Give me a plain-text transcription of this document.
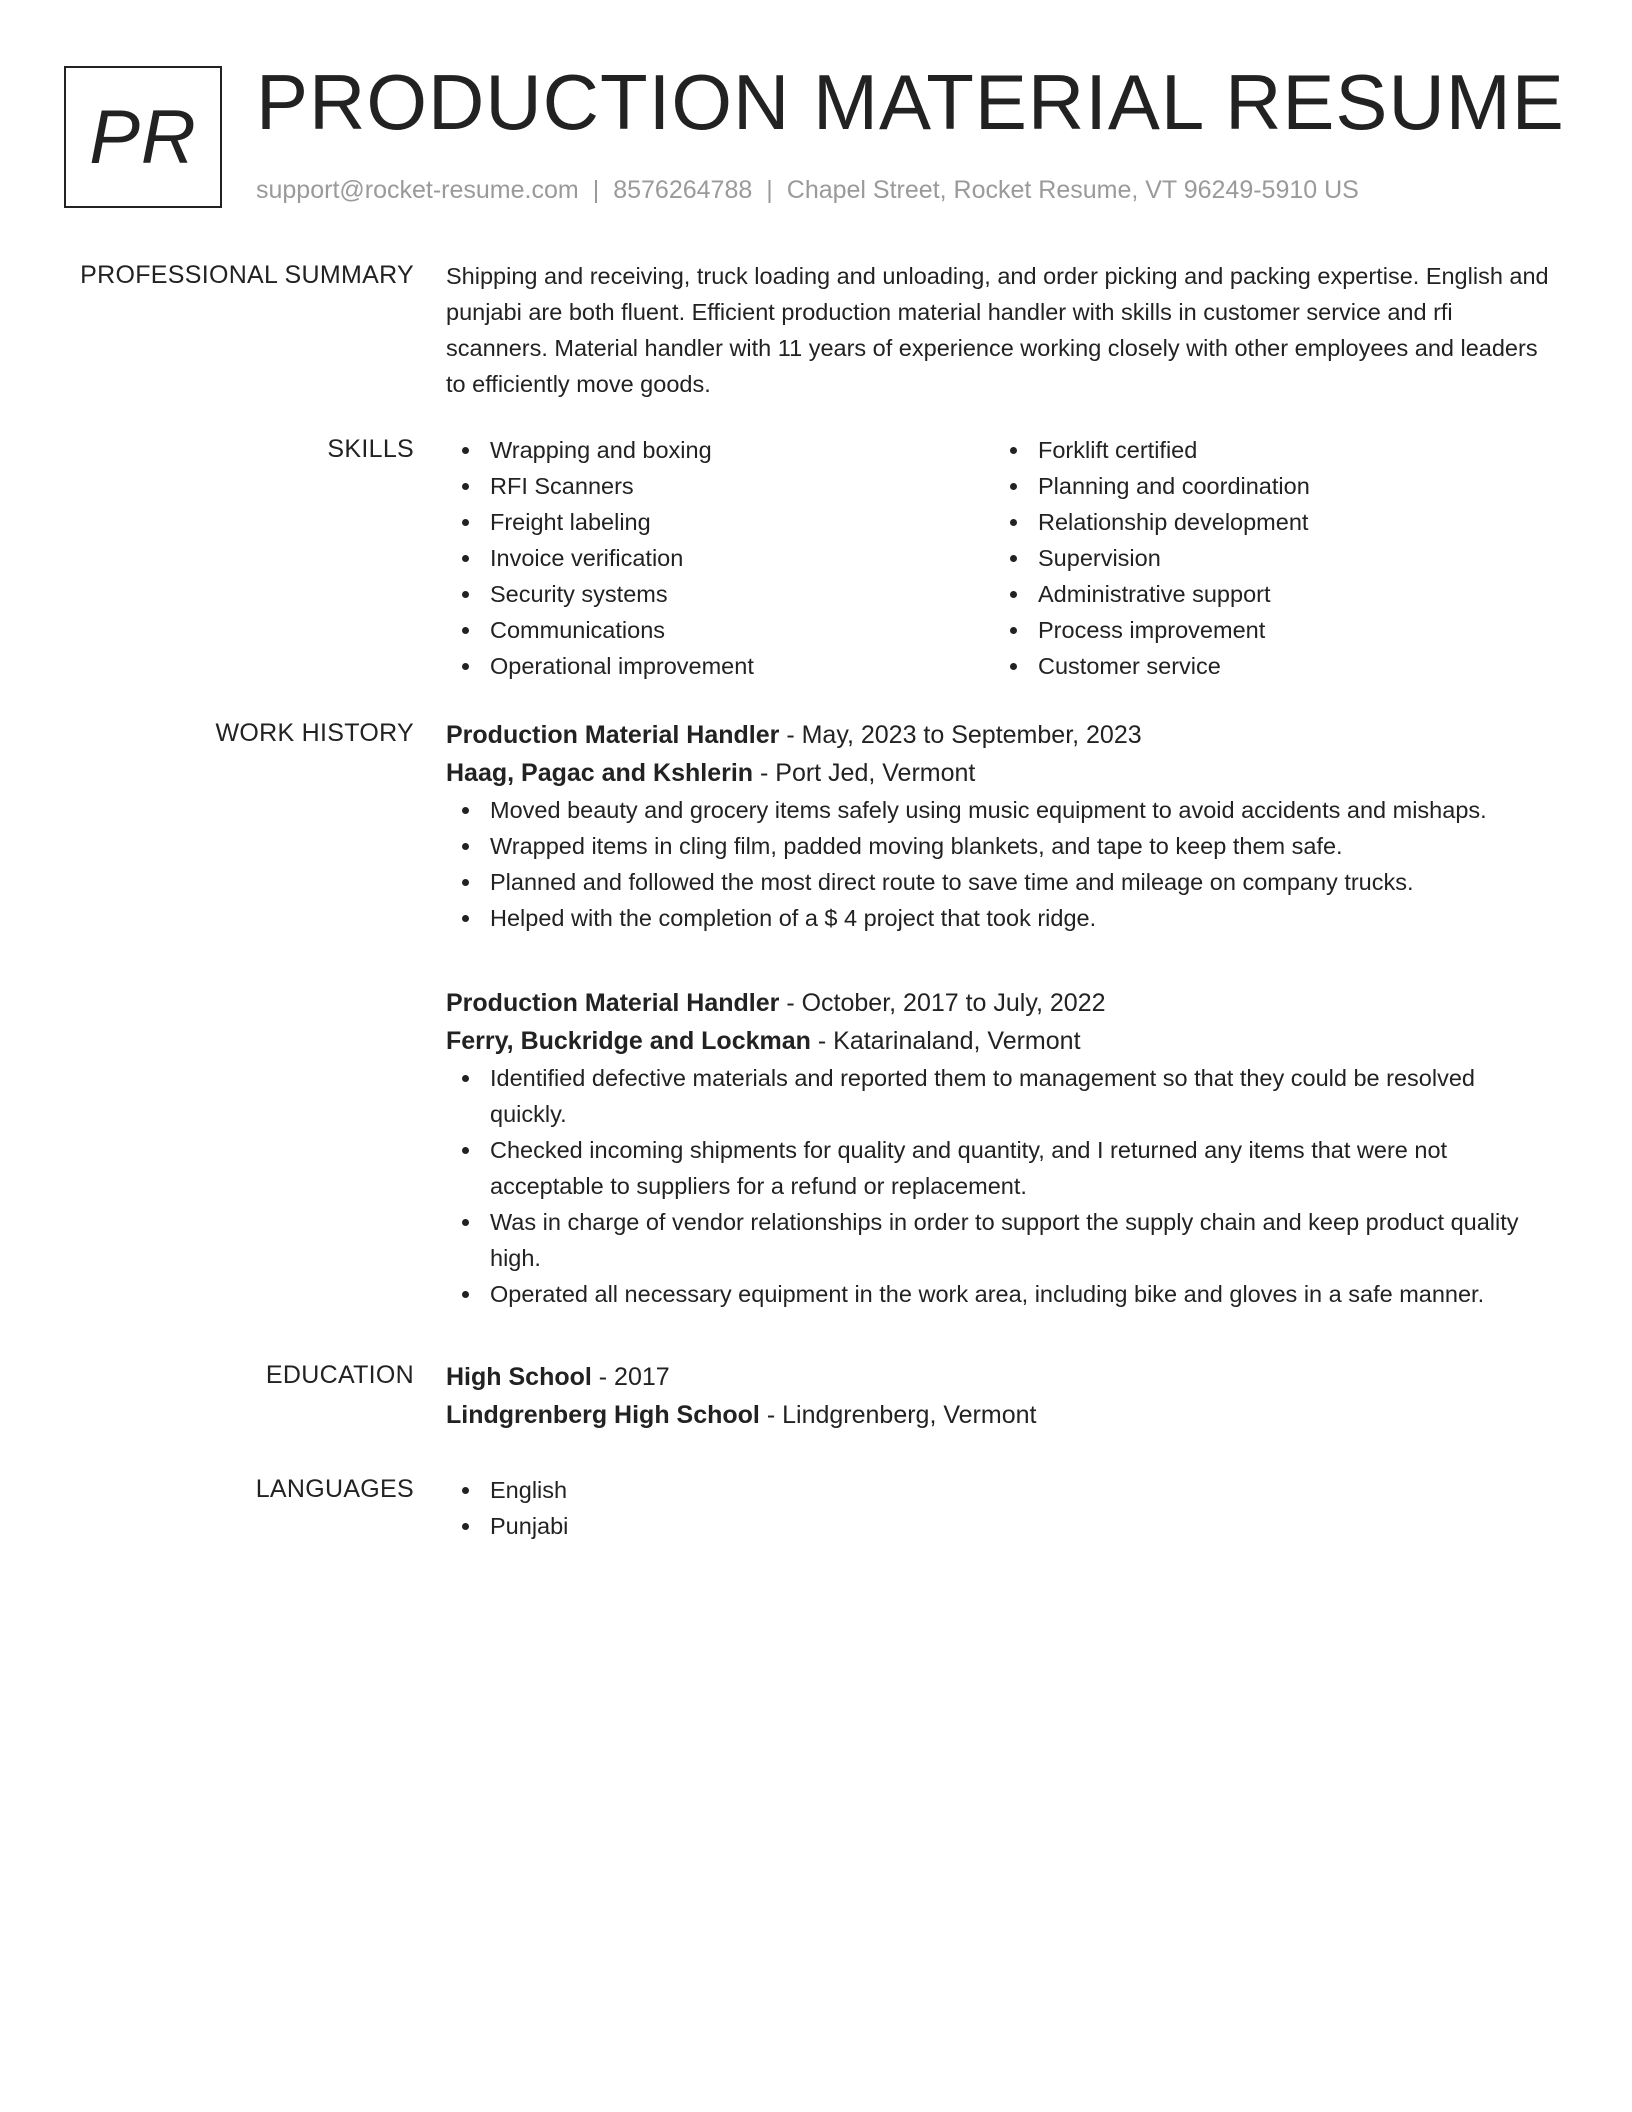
PR PRODUCTION MATERIAL RESUME
support@rocket-resume.com | 8576264788 | Chapel Street, Rocket Resume, VT 96249-5910 US
PROFESSIONAL SUMMARY Shipping and receiving, truck loading and unloading, and order picking and packing expertise. English and punjabi are both fluent. Efficient production material handler with skills in customer service and rfi scanners. Material handler with 11 years of experience working closely with other employees and leaders to efficiently move goods.

SKILLS	Wrapping and boxing
RFI Scanners
Freight labeling
Invoice verification
Security systems
Communications
Operational improvement
Forklift certified
Planning and coordination
Relationship development
Supervision
Administrative support
Process improvement
Customer service
WORK HISTORY Production Material Handler - May, 2023 to September, 2023
Haag, Pagac and Kshlerin - Port Jed, Vermont
Moved beauty and grocery items safely using music equipment to avoid accidents and mishaps.
Wrapped items in cling film, padded moving blankets, and tape to keep them safe.
Planned and followed the most direct route to save time and mileage on company trucks.
Helped with the completion of a $ 4 project that took ridge.
Production Material Handler - October, 2017 to July, 2022
Ferry, Buckridge and Lockman - Katarinaland, Vermont
Identified defective materials and reported them to management so that they could be resolved quickly.
Checked incoming shipments for quality and quantity, and I returned any items that were not acceptable to suppliers for a refund or replacement.
Was in charge of vendor relationships in order to support the supply chain and keep product quality high.
Operated all necessary equipment in the work area, including bike and gloves in a safe manner.
EDUCATION High School - 2017
Lindgrenberg High School - Lindgrenberg, Vermont
LANGUAGES	English
Punjabi
